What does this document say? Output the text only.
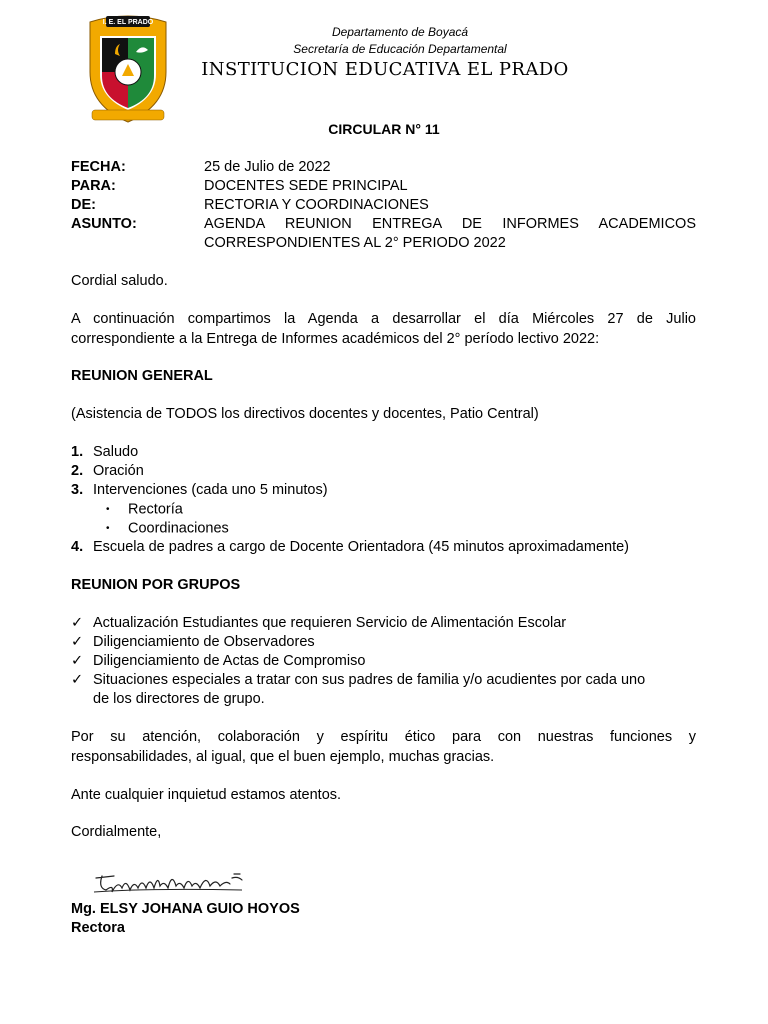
I. E. EL PRADO
Departamento de Boyacá
Secretaría de Educación Departamental
INSTITUCION EDUCATIVA EL PRADO
CIRCULAR N° 11
FECHA:	25 de Julio de 2022
PARA:	DOCENTES SEDE PRINCIPAL
DE:	RECTORIA Y COORDINACIONES
ASUNTO:	AGENDA REUNION ENTREGA DE INFORMES ACADEMICOS
CORRESPONDIENTES AL 2° PERIODO 2022
Cordial saludo.
A continuación compartimos la Agenda a desarrollar el día Miércoles 27 de Julio
correspondiente a la Entrega de Informes académicos del 2° período lectivo 2022:
REUNION GENERAL
(Asistencia de TODOS los directivos docentes y docentes, Patio Central)
1. Saludo
2. Oración
3. Intervenciones (cada uno 5 minutos)
• Rectoría
• Coordinaciones
4. Escuela de padres a cargo de Docente Orientadora (45 minutos aproximadamente)
REUNION POR GRUPOS
✓ Actualización Estudiantes que requieren Servicio de Alimentación Escolar
✓ Diligenciamiento de Observadores
✓ Diligenciamiento de Actas de Compromiso
✓ Situaciones especiales a tratar con sus padres de familia y/o acudientes por cada uno
de los directores de grupo.
Por su atención, colaboración y espíritu ético para con nuestras funciones y
responsabilidades, al igual, que el buen ejemplo, muchas gracias.
Ante cualquier inquietud estamos atentos.
Cordialmente,
Mg. ELSY JOHANA GUIO HOYOS
Rectora
